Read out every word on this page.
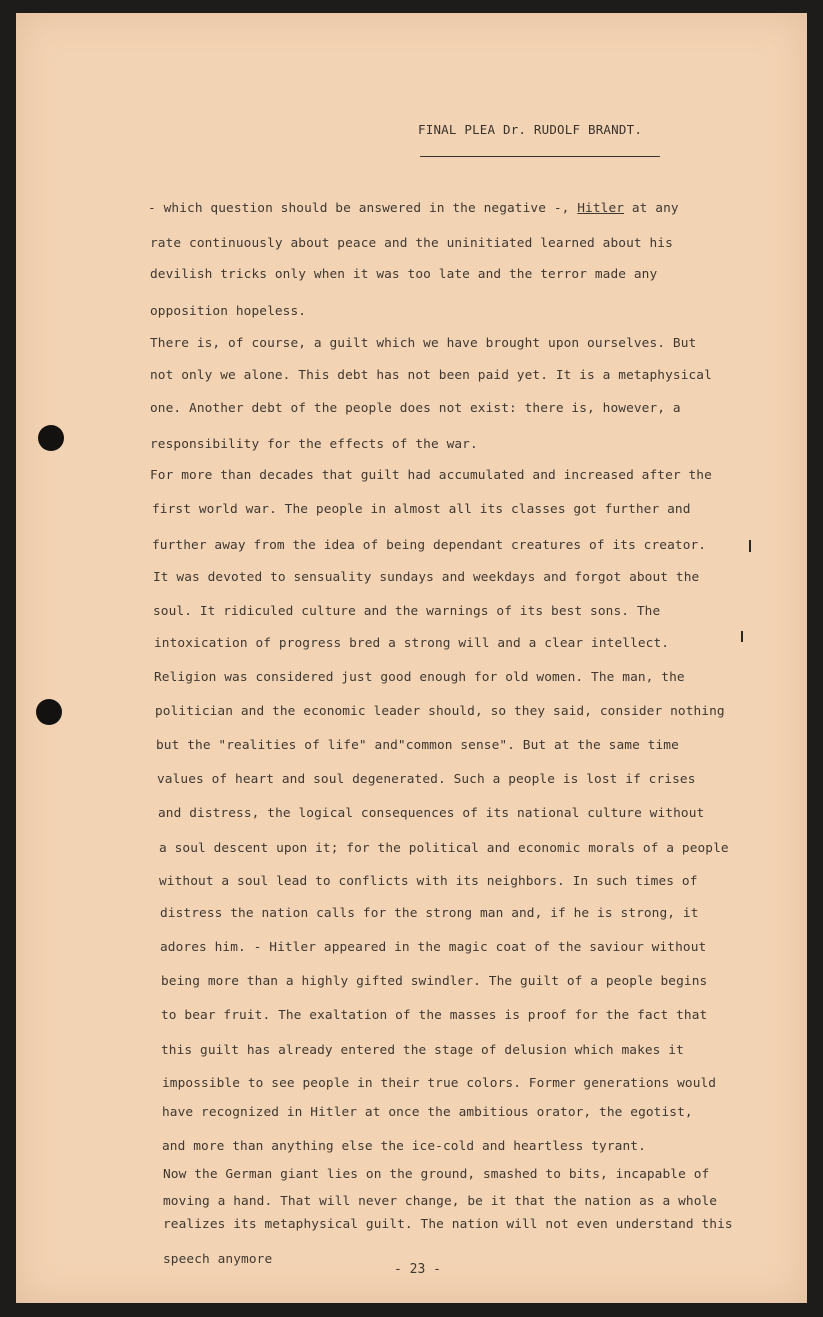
FINAL PLEA Dr. RUDOLF BRANDT.
- which question should be answered in the negative -, Hitler at any
rate continuously about peace and the uninitiated learned about his
devilish tricks only when it was too late and the terror made any
opposition hopeless.
There is, of course, a guilt which we have brought upon ourselves. But
not only we alone. This debt has not been paid yet. It is a metaphysical
one. Another debt of the people does not exist: there is, however, a
responsibility for the effects of the war.
For more than decades that guilt had accumulated and increased after the
first world war. The people in almost all its classes got further and
further away from the idea of being dependant creatures of its creator.
It was devoted to sensuality sundays and weekdays and forgot about the
soul. It ridiculed culture and the warnings of its best sons. The
intoxication of progress bred a strong will and a clear intellect.
Religion was considered just good enough for old women. The man, the
politician and the economic leader should, so they said, consider nothing
but the "realities of life" and"common sense". But at the same time
values of heart and soul degenerated. Such a people is lost if crises
and distress, the logical consequences of its national culture without
a soul descent upon it; for the political and economic morals of a people
without a soul lead to conflicts with its neighbors. In such times of
distress the nation calls for the strong man and, if he is strong, it
adores him. - Hitler appeared in the magic coat of the saviour without
being more than a highly gifted swindler. The guilt of a people begins
to bear fruit. The exaltation of the masses is proof for the fact that
this guilt has already entered the stage of delusion which makes it
impossible to see people in their true colors. Former generations would
have recognized in Hitler at once the ambitious orator, the egotist,
and more than anything else the ice-cold and heartless tyrant.
Now the German giant lies on the ground, smashed to bits, incapable of
moving a hand. That will never change, be it that the nation as a whole
realizes its metaphysical guilt. The nation will not even understand this
speech anymore
- 23 -
